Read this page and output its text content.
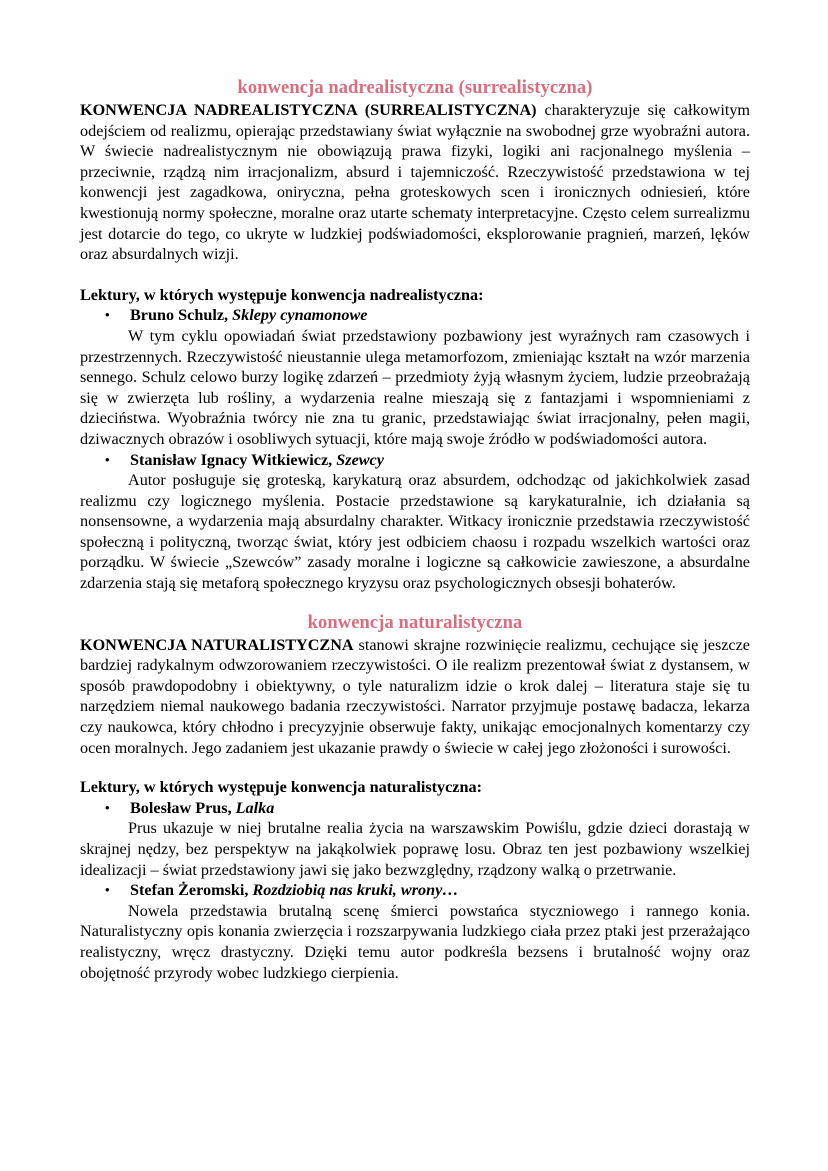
konwencja nadrealistyczna (surrealistyczna)

KONWENCJA NADREALISTYCZNA (SURREALISTYCZNA) charakteryzuje się całkowitym odejściem od realizmu, opierając przedstawiany świat wyłącznie na swobodnej grze wyobraźni autora. W świecie nadrealistycznym nie obowiązują prawa fizyki, logiki ani racjonalnego myślenia – przeciwnie, rządzą nim irracjonalizm, absurd i tajemniczość. Rzeczywistość przedstawiona w tej konwencji jest zagadkowa, oniryczna, pełna groteskowych scen i ironicznych odniesień, które kwestionują normy społeczne, moralne oraz utarte schematy interpretacyjne. Często celem surrealizmu jest dotarcie do tego, co ukryte w ludzkiej podświadomości, eksplorowanie pragnień, marzeń, lęków oraz absurdalnych wizji.

Lektury, w których występuje konwencja nadrealistyczna:
•	Bruno Schulz, Sklepy cynamonowe

W tym cyklu opowiadań świat przedstawiony pozbawiony jest wyraźnych ram czasowych i przestrzennych. Rzeczywistość nieustannie ulega metamorfozom, zmieniając kształt na wzór marzenia sennego. Schulz celowo burzy logikę zdarzeń – przedmioty żyją własnym życiem, ludzie przeobrażają się w zwierzęta lub rośliny, a wydarzenia realne mieszają się z fantazjami i wspomnieniami z dzieciństwa. Wyobraźnia twórcy nie zna tu granic, przedstawiając świat irracjonalny, pełen magii, dziwacznych obrazów i osobliwych sytuacji, które mają swoje źródło w podświadomości autora.

•	Stanisław Ignacy Witkiewicz, Szewcy

Autor posługuje się groteską, karykaturą oraz absurdem, odchodząc od jakichkolwiek zasad realizmu czy logicznego myślenia. Postacie przedstawione są karykaturalnie, ich działania są nonsensowne, a wydarzenia mają absurdalny charakter. Witkacy ironicznie przedstawia rzeczywistość społeczną i polityczną, tworząc świat, który jest odbiciem chaosu i rozpadu wszelkich wartości oraz porządku. W świecie „Szewców” zasady moralne i logiczne są całkowicie zawieszone, a absurdalne zdarzenia stają się metaforą społecznego kryzysu oraz psychologicznych obsesji bohaterów.

konwencja naturalistyczna

KONWENCJA NATURALISTYCZNA stanowi skrajne rozwinięcie realizmu, cechujące się jeszcze bardziej radykalnym odwzorowaniem rzeczywistości. O ile realizm prezentował świat z dystansem, w sposób prawdopodobny i obiektywny, o tyle naturalizm idzie o krok dalej – literatura staje się tu narzędziem niemal naukowego badania rzeczywistości. Narrator przyjmuje postawę badacza, lekarza czy naukowca, który chłodno i precyzyjnie obserwuje fakty, unikając emocjonalnych komentarzy czy ocen moralnych. Jego zadaniem jest ukazanie prawdy o świecie w całej jego złożoności i surowości.

Lektury, w których występuje konwencja naturalistyczna:
•	Bolesław Prus, Lalka

Prus ukazuje w niej brutalne realia życia na warszawskim Powiślu, gdzie dzieci dorastają w skrajnej nędzy, bez perspektyw na jakąkolwiek poprawę losu. Obraz ten jest pozbawiony wszelkiej idealizacji – świat przedstawiony jawi się jako bezwzględny, rządzony walką o przetrwanie.

•	Stefan Żeromski, Rozdziobią nas kruki, wrony…

Nowela przedstawia brutalną scenę śmierci powstańca styczniowego i rannego konia. Naturalistyczny opis konania zwierzęcia i rozszarpywania ludzkiego ciała przez ptaki jest przerażająco realistyczny, wręcz drastyczny. Dzięki temu autor podkreśla bezsens i brutalność wojny oraz obojętność przyrody wobec ludzkiego cierpienia.
